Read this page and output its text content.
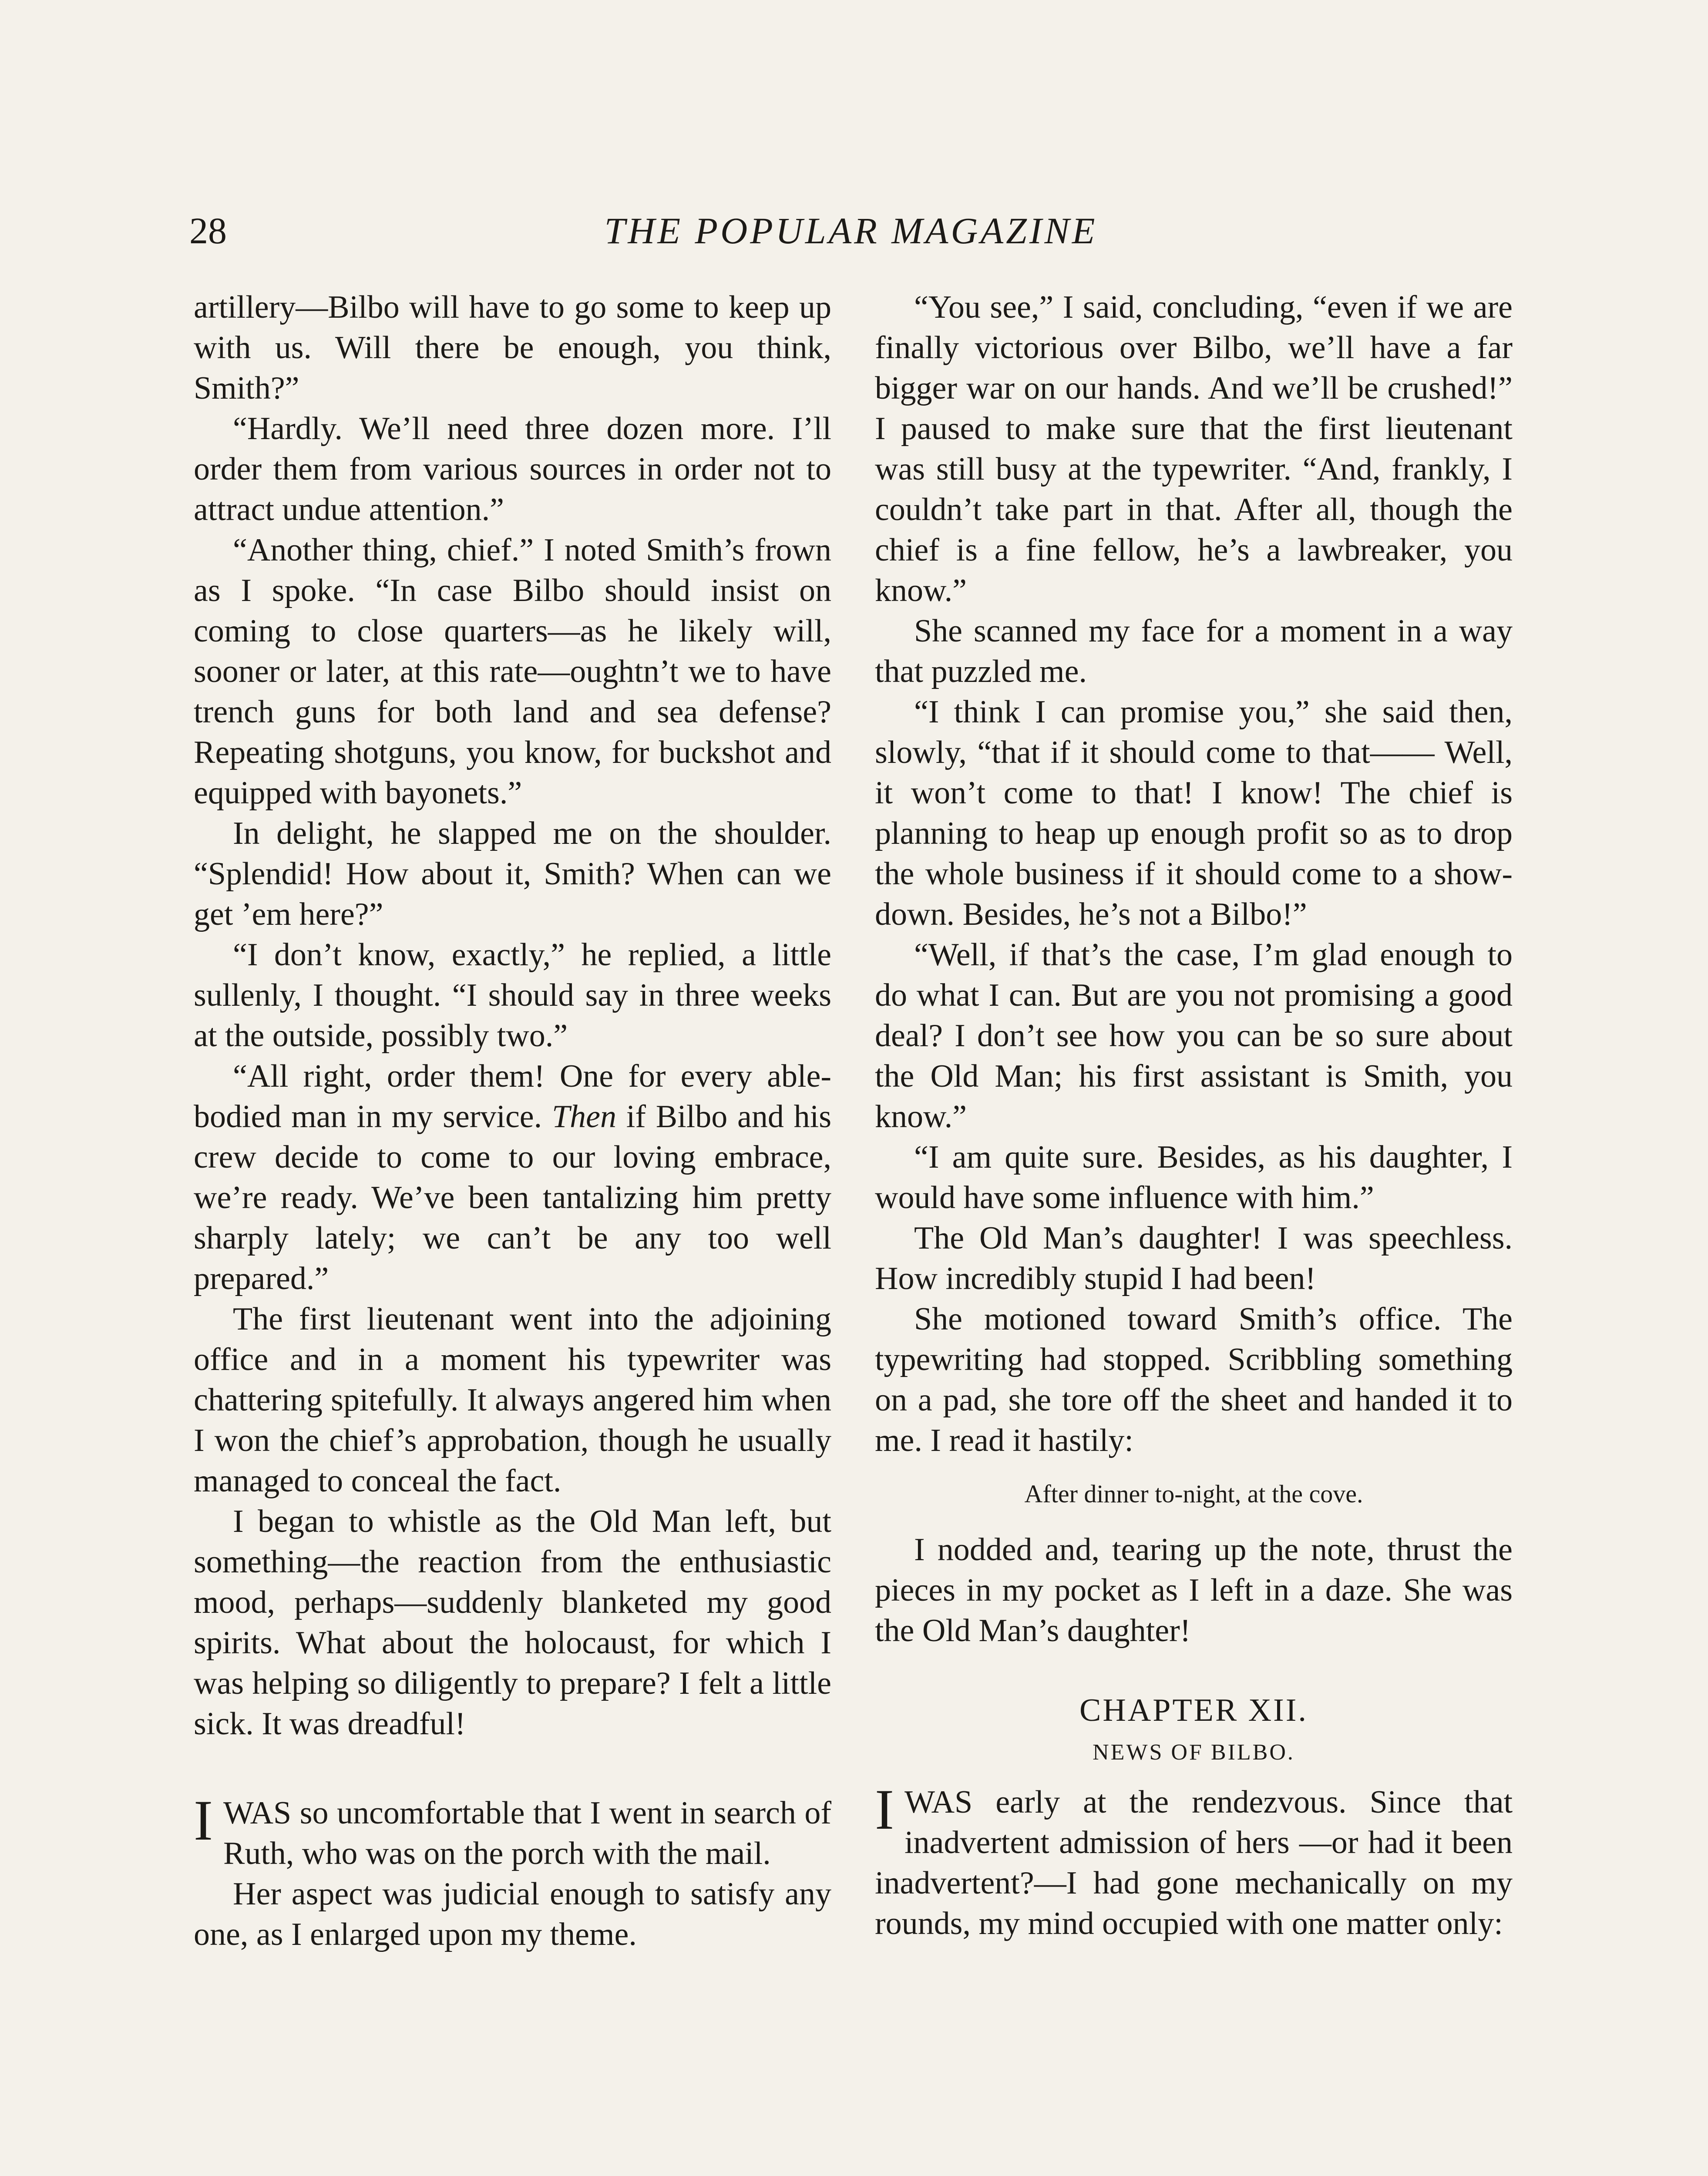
28	THE POPULAR MAGAZINE

artillery—Bilbo will have to go some to keep up with us. Will there be enough, you think, Smith?”

“Hardly. We’ll need three dozen more. I’ll order them from various sources in order not to attract undue attention.”

“Another thing, chief.” I noted Smith’s frown as I spoke. “In case Bilbo should insist on coming to close quarters—as he likely will, sooner or later, at this rate—oughtn’t we to have trench guns for both land and sea defense? Repeating shotguns, you know, for buckshot and equipped with bayonets.”

In delight, he slapped me on the shoulder. “Splendid! How about it, Smith? When can we get ’em here?”

“I don’t know, exactly,” he replied, a little sullenly, I thought. “I should say in three weeks at the outside, possibly two.”

“All right, order them! One for every able-bodied man in my service. Then if Bilbo and his crew decide to come to our loving embrace, we’re ready. We’ve been tantalizing him pretty sharply lately; we can’t be any too well prepared.”

The first lieutenant went into the adjoining office and in a moment his typewriter was chattering spitefully. It always angered him when I won the chief’s approbation, though he usually managed to conceal the fact.

I began to whistle as the Old Man left, but something—the reaction from the enthusiastic mood, perhaps—suddenly blanketed my good spirits. What about the holocaust, for which I was helping so diligently to prepare? I felt a little sick. It was dreadful!

IWAS so uncomfortable that I went in search of Ruth, who was on the porch with the mail.

Her aspect was judicial enough to satisfy any one, as I enlarged upon my theme.

“You see,” I said, concluding, “even if we are finally victorious over Bilbo, we’ll have a far bigger war on our hands. And we’ll be crushed!” I paused to make sure that the first lieutenant was still busy at the typewriter. “And, frankly, I couldn’t take part in that. After all, though the chief is a fine fellow, he’s a lawbreaker, you know.”

She scanned my face for a moment in a way that puzzled me.

“I think I can promise you,” she said then, slowly, “that if it should come to that—— Well, it won’t come to that! I know! The chief is planning to heap up enough profit so as to drop the whole business if it should come to a show-down. Besides, he’s not a Bilbo!”

“Well, if that’s the case, I’m glad enough to do what I can. But are you not promising a good deal? I don’t see how you can be so sure about the Old Man; his first assistant is Smith, you know.”

“I am quite sure. Besides, as his daughter, I would have some influence with him.”

The Old Man’s daughter! I was speechless. How incredibly stupid I had been!

She motioned toward Smith’s office. The typewriting had stopped. Scribbling something on a pad, she tore off the sheet and handed it to me. I read it hastily:

After dinner to-night, at the cove.

I nodded and, tearing up the note, thrust the pieces in my pocket as I left in a daze. She was the Old Man’s daughter!

CHAPTER XII.
NEWS OF BILBO.

IWAS early at the rendezvous. Since that inadvertent admission of hers —or had it been inadvertent?—I had gone mechanically on my rounds, my mind occupied with one matter only:
